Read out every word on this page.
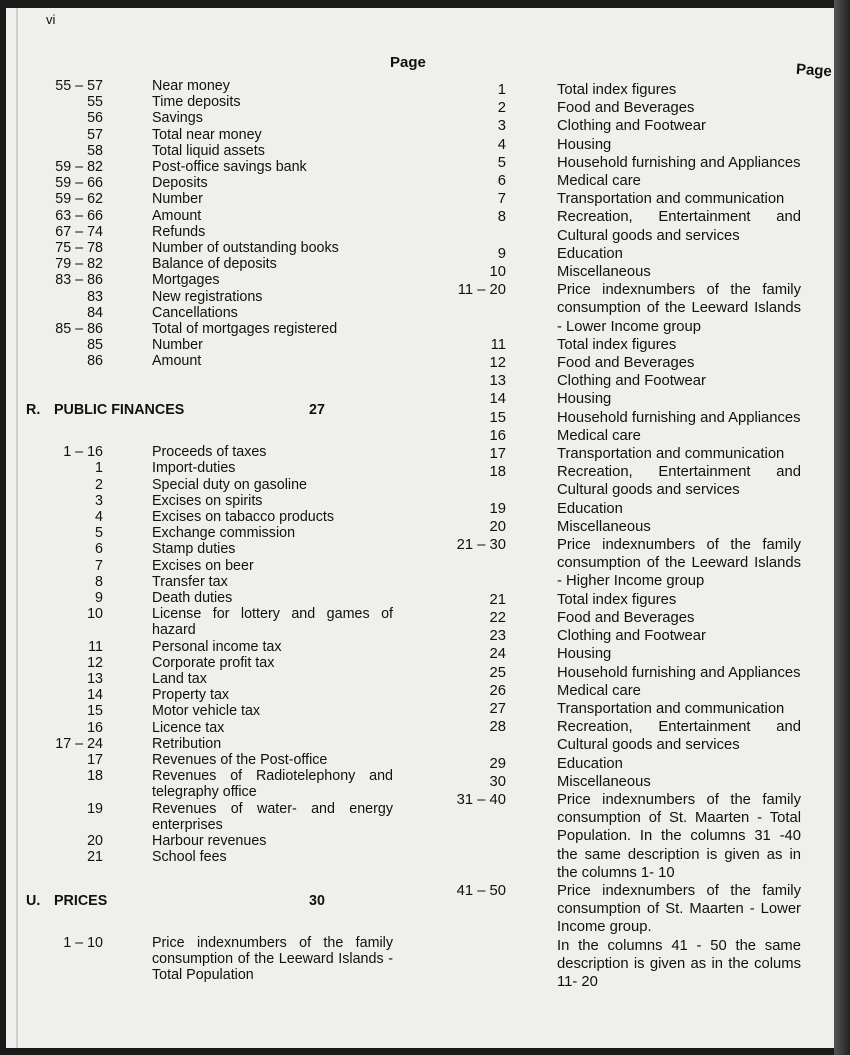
vi
Page	Page
55 – 57	Near money
55	Time deposits
56	Savings
57	Total near money
58	Total liquid assets
59 – 82	Post-office savings bank
59 – 66	Deposits
59 – 62	Number
63 – 66	Amount
67 – 74	Refunds
75 – 78	Number of outstanding books
79 – 82	Balance of deposits
83 – 86	Mortgages
83	New registrations
84	Cancellations
85 – 86	Total of mortgages registered
85	Number
86	Amount
R. PUBLIC FINANCES	27
1 – 16	Proceeds of taxes
1	Import-duties
2	Special duty on gasoline
3	Excises on spirits
4	Excises on tabacco products
5	Exchange commission
6	Stamp duties
7	Excises on beer
8	Transfer tax
9	Death duties
10	License for lottery and games of hazard
11	Personal income tax
12	Corporate profit tax
13	Land tax
14	Property tax
15	Motor vehicle tax
16	Licence tax
17 – 24	Retribution
17	Revenues of the Post-office
18	Revenues of Radiotelephony and telegraphy office
19	Revenues of water- and energy enterprises
20	Harbour revenues
21	School fees
U. PRICES	30
1 – 10	Price indexnumbers of the family consumption of the Leeward Islands - Total Population
1	Total index figures
2	Food and Beverages
3	Clothing and Footwear
4	Housing
5	Household furnishing and Appliances
6	Medical care
7	Transportation and communication
8	Recreation, Entertainment and Cultural goods and services
9	Education
10	Miscellaneous
11 – 20	Price indexnumbers of the family consumption of the Leeward Islands - Lower Income group
11	Total index figures
12	Food and Beverages
13	Clothing and Footwear
14	Housing
15	Household furnishing and Appliances
16	Medical care
17	Transportation and communication
18	Recreation, Entertainment and Cultural goods and services
19	Education
20	Miscellaneous
21 – 30	Price indexnumbers of the family consumption of the Leeward Islands - Higher Income group
21	Total index figures
22	Food and Beverages
23	Clothing and Footwear
24	Housing
25	Household furnishing and Appliances
26	Medical care
27	Transportation and communication
28	Recreation, Entertainment and Cultural goods and services
29	Education
30	Miscellaneous
31 – 40	Price indexnumbers of the family consumption of St. Maarten - Total Population. In the columns 31 -40 the same description is given as in the columns 1- 10
41 – 50	Price indexnumbers of the family consumption of St. Maarten - Lower Income group.
In the columns 41 - 50 the same description is given as in the colums 11- 20
